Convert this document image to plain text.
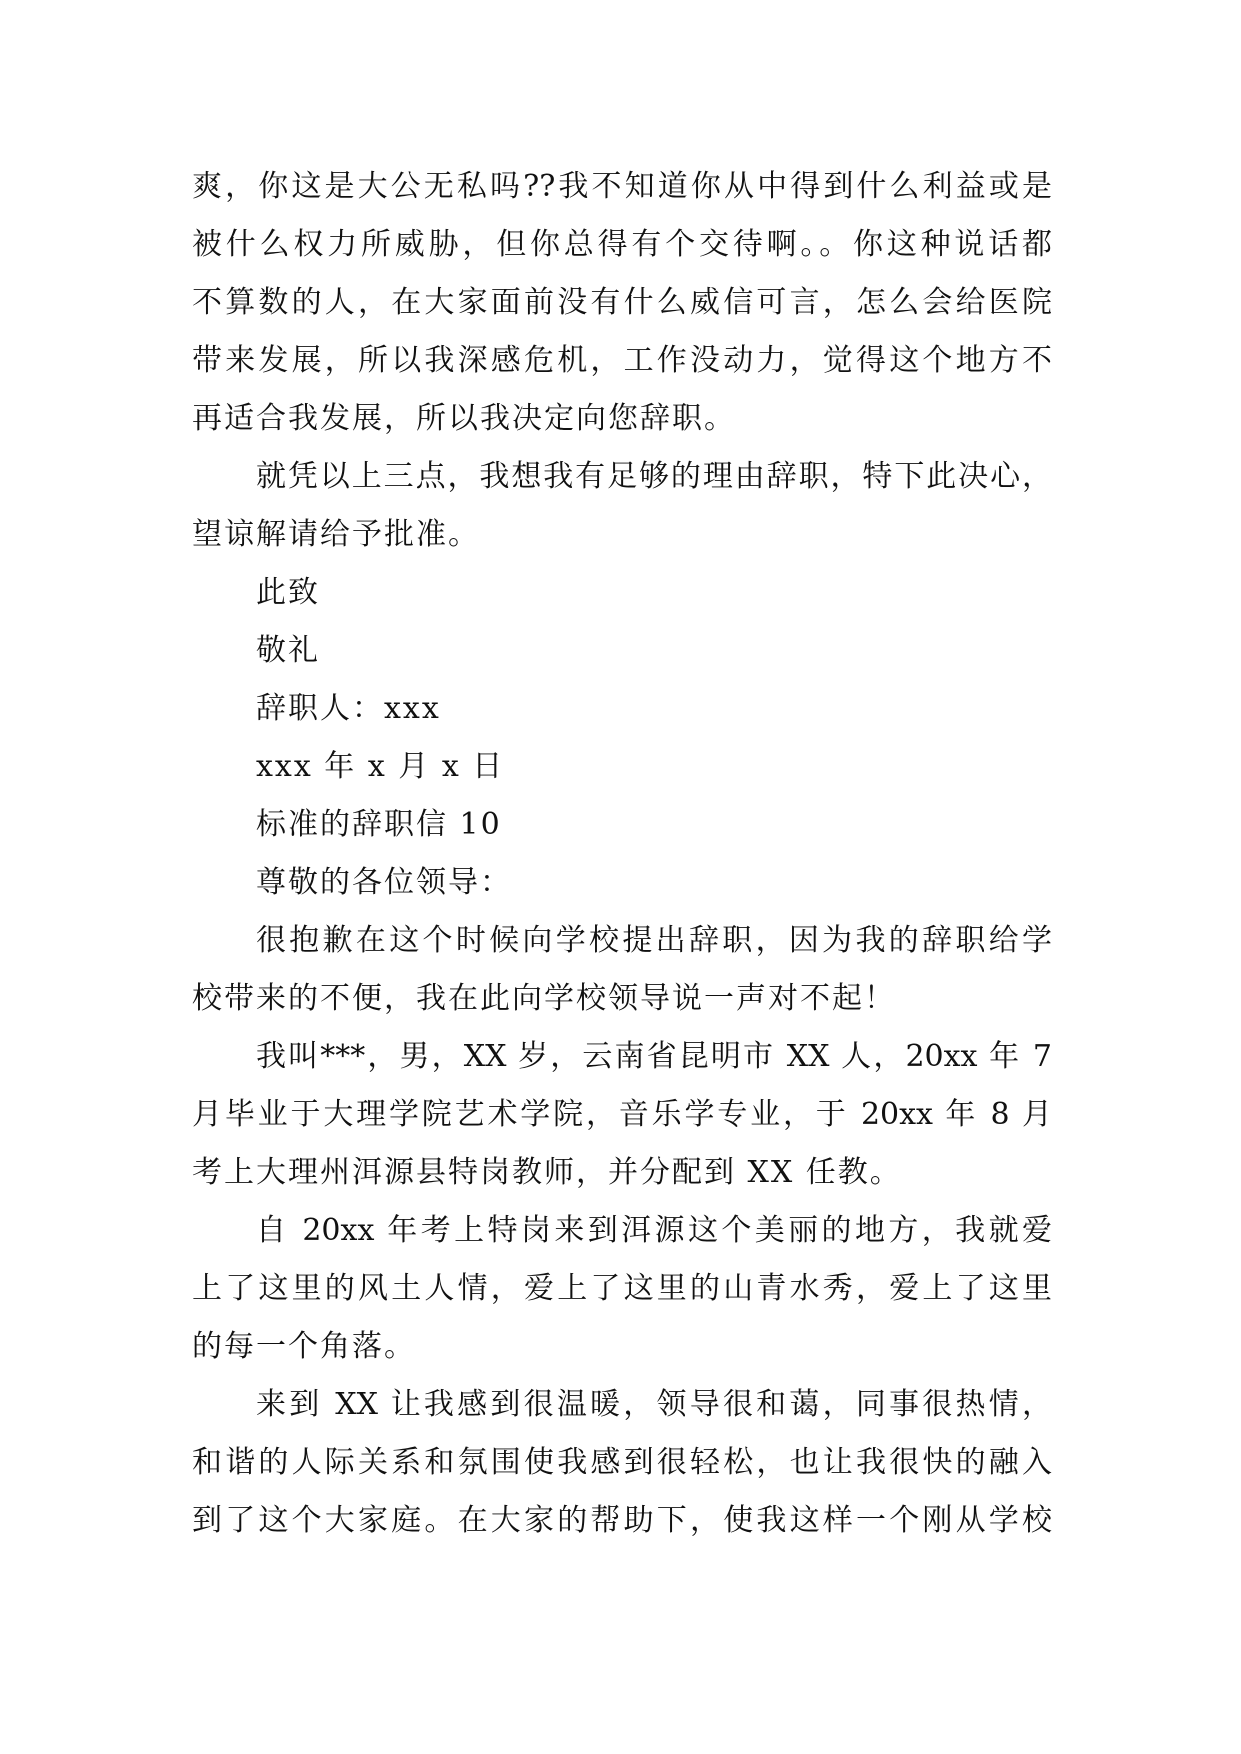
爽，你这是大公无私吗??我不知道你从中得到什么利益或是
被什么权力所威胁，但你总得有个交待啊。。你这种说话都
不算数的人，在大家面前没有什么威信可言，怎么会给医院
带来发展，所以我深感危机，工作没动力，觉得这个地方不
再适合我发展，所以我决定向您辞职。
就凭以上三点，我想我有足够的理由辞职，特下此决心，
望谅解请给予批准。
此致
敬礼
辞职人：xxx
xxx 年 x 月 x 日
标准的辞职信 10
尊敬的各位领导：
很抱歉在这个时候向学校提出辞职，因为我的辞职给学
校带来的不便，我在此向学校领导说一声对不起！
我叫***，男，XX 岁，云南省昆明市 XX 人，20xx 年 7
月毕业于大理学院艺术学院，音乐学专业，于 20xx 年 8 月
考上大理州洱源县特岗教师，并分配到 XX 任教。
自 20xx 年考上特岗来到洱源这个美丽的地方，我就爱
上了这里的风土人情，爱上了这里的山青水秀，爱上了这里
的每一个角落。
来到 XX 让我感到很温暖，领导很和蔼，同事很热情，
和谐的人际关系和氛围使我感到很轻松，也让我很快的融入
到了这个大家庭。在大家的帮助下，使我这样一个刚从学校
